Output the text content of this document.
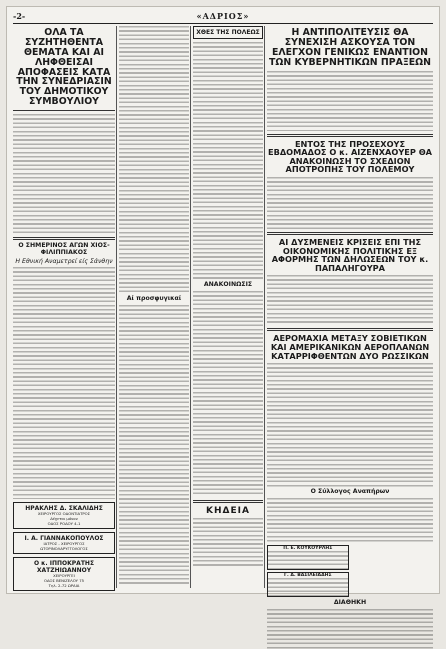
-2-	«ΑΔΡΙΟΣ»
ΟΛΑ ΤΑ ΣΥΖΗΤΗΘΕΝΤΑ ΘΕΜΑΤΑ ΚΑΙ ΑΙ ΛΗΦΘΕΙΣΑΙ ΑΠΟΦΑΣΕΙΣ ΚΑΤΑ ΤΗΝ ΣΥΝΕΔΡΙΑΣΙΝ ΤΟΥ ΔΗΜΟΤΙΚΟΥ ΣΥΜΒΟΥΛΙΟΥ
Ο ΣΗΜΕΡΙΝΟΣ ΑΓΩΝ ΧΙΟΣ-ΦΙΛΙΠΠΙΑΚΟΣ
Η Εθνική Αναμετρεί είς Σάνθην
ΗΡΑΚΛΗΣ Δ. ΣΚΑΛΙΔΗΣ
ΧΕΙΡΟΥΡΓΟΣ ΟΔΟΝΤΙΑΤΡΟΣ
Δέχεται μόνον
ΟΔΟΣ ΡΟΔΟΥ 4-1
Ι. Α. ΓΙΑΝΝΑΚΟΠΟΥΛΟΣ
ΙΑΤΡΟΣ - ΧΕΙΡΟΥΡΓΟΣ
ΩΤΟΡΙΝΟΛΑΡΥΓΓΟΛΟΓΟΣ
Ο κ. ΙΠΠΟΚΡΑΤΗΣ ΧΑΤΖΗΙΩΑΝΝΟΥ
ΧΕΙΡΟΥΡΓΕΙ
ΟΔΟΣ ΒΕΝΙΖΕΛΟΥ 75
Τηλ. 2-72 ΩΡΑΙΑ
Αί προσφυγικαί
ΧΘΕΣ ΤΗΣ ΠΟΛΕΩΣ
ΑΝΑΚΟΙΝΩΣΙΣ
ΚΗΔΕΙΑ
Η ΑΝΤΙΠΟΛΙΤΕΥΣΙΣ ΘΑ ΣΥΝΕΧΙΣΗ ΑΣΚΟΥΣΑ ΤΟΝ ΕΛΕΓΧΟΝ ΓΕΝΙΚΩΣ ΕΝΑΝΤΙΟΝ ΤΩΝ ΚΥΒΕΡΝΗΤΙΚΩΝ ΠΡΑΞΕΩΝ
ΕΝΤΟΣ ΤΗΣ ΠΡΟΣΕΧΟΥΣ ΕΒΔΟΜΑΔΟΣ Ο κ. ΑΙΖΕΝΧΑΟΥΕΡ ΘΑ ΑΝΑΚΟΙΝΩΣΗ ΤΟ ΣΧΕΔΙΟΝ ΑΠΟΤΡΟΠΗΣ ΤΟΥ ΠΟΛΕΜΟΥ
ΑΙ ΔΥΣΜΕΝΕΙΣ ΚΡΙΣΕΙΣ ΕΠΙ ΤΗΣ ΟΙΚΟΝΟΜΙΚΗΣ ΠΟΛΙΤΙΚΗΣ ΕΞ ΑΦΟΡΜΗΣ ΤΩΝ ΔΗΛΩΣΕΩΝ ΤΟΥ κ. ΠΑΠΑΛΗΓΟΥΡΑ
ΑΕΡΟΜΑΧΙΑ ΜΕΤΑΞΥ ΣΟΒΙΕΤΙΚΩΝ ΚΑΙ ΑΜΕΡΙΚΑΝΙΚΩΝ ΑΕΡΟΠΛΑΝΩΝ ΚΑΤΑΡΡΙΦΘΕΝΤΩΝ ΔΥΟ ΡΩΣΣΙΚΩΝ
Ο Σύλλογος Αναπήρων
Π. Ε. ΚΟΥΚΟΥΡΛΗΣ

Γ. Δ. ΒΑΣΙΛΕΙΑΔΗΣ
ΔΙΑΘΗΚΗ
